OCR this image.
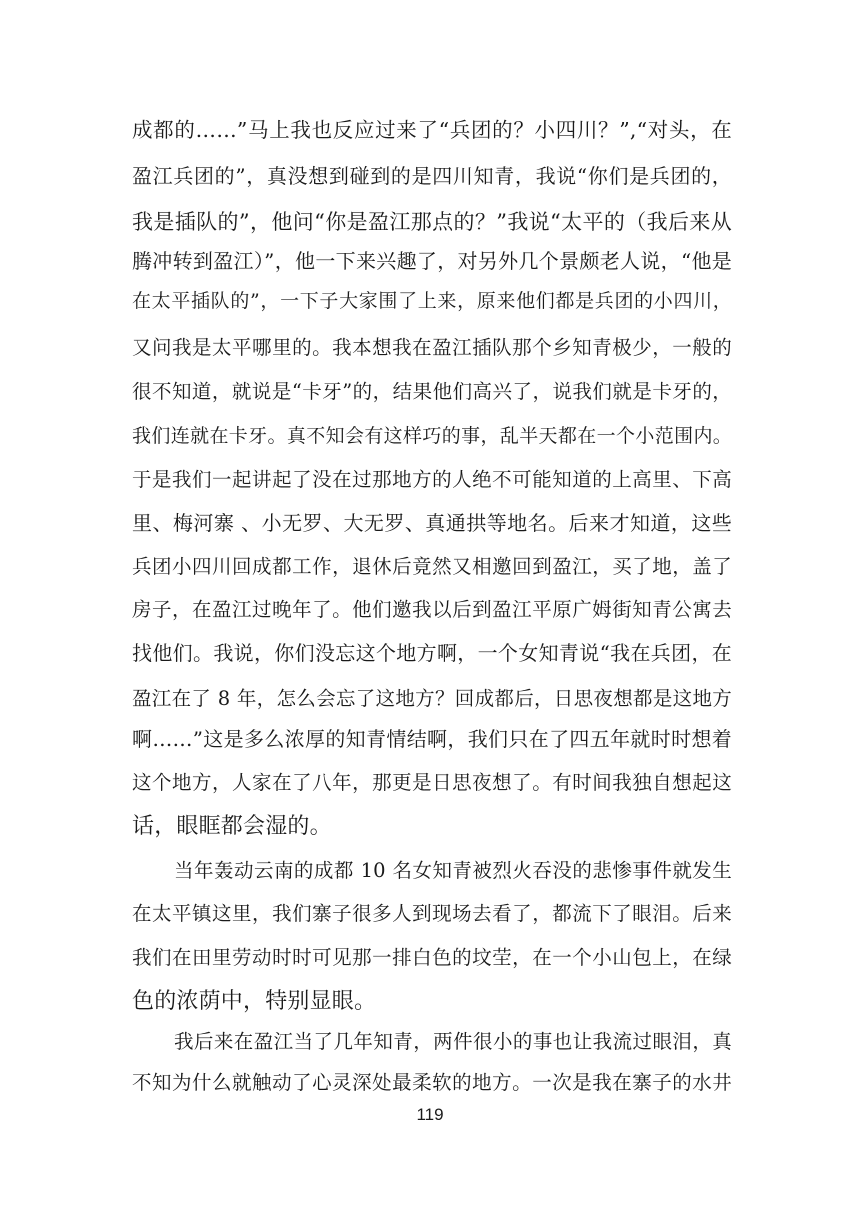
成都的……”马上我也反应过来了“兵团的？小四川？”,“对头，在
盈江兵团的”，真没想到碰到的是四川知青，我说“你们是兵团的，
我是插队的”，他问“你是盈江那点的？”我说“太平的（我后来从
腾冲转到盈江）”，他一下来兴趣了，对另外几个景颇老人说，“他是
在太平插队的”，一下子大家围了上来，原来他们都是兵团的小四川，
又问我是太平哪里的。我本想我在盈江插队那个乡知青极少，一般的
很不知道，就说是“卡牙”的，结果他们高兴了，说我们就是卡牙的，
我们连就在卡牙。真不知会有这样巧的事，乱半天都在一个小范围内。
于是我们一起讲起了没在过那地方的人绝不可能知道的上高里、下高
里、梅河寨 、小无罗、大无罗、真通拱等地名。后来才知道，这些
兵团小四川回成都工作，退休后竟然又相邀回到盈江，买了地，盖了
房子，在盈江过晚年了。他们邀我以后到盈江平原广姆街知青公寓去
找他们。我说，你们没忘这个地方啊，一个女知青说“我在兵团，在
盈江在了 8 年，怎么会忘了这地方？回成都后，日思夜想都是这地方
啊……”这是多么浓厚的知青情结啊，我们只在了四五年就时时想着
这个地方，人家在了八年，那更是日思夜想了。有时间我独自想起这
话，眼眶都会湿的。
当年轰动云南的成都 10 名女知青被烈火吞没的悲惨事件就发生
在太平镇这里，我们寨子很多人到现场去看了，都流下了眼泪。后来
我们在田里劳动时时可见那一排白色的坟茔，在一个小山包上，在绿
色的浓荫中，特别显眼。
我后来在盈江当了几年知青，两件很小的事也让我流过眼泪，真
不知为什么就触动了心灵深处最柔软的地方。一次是我在寨子的水井
119
